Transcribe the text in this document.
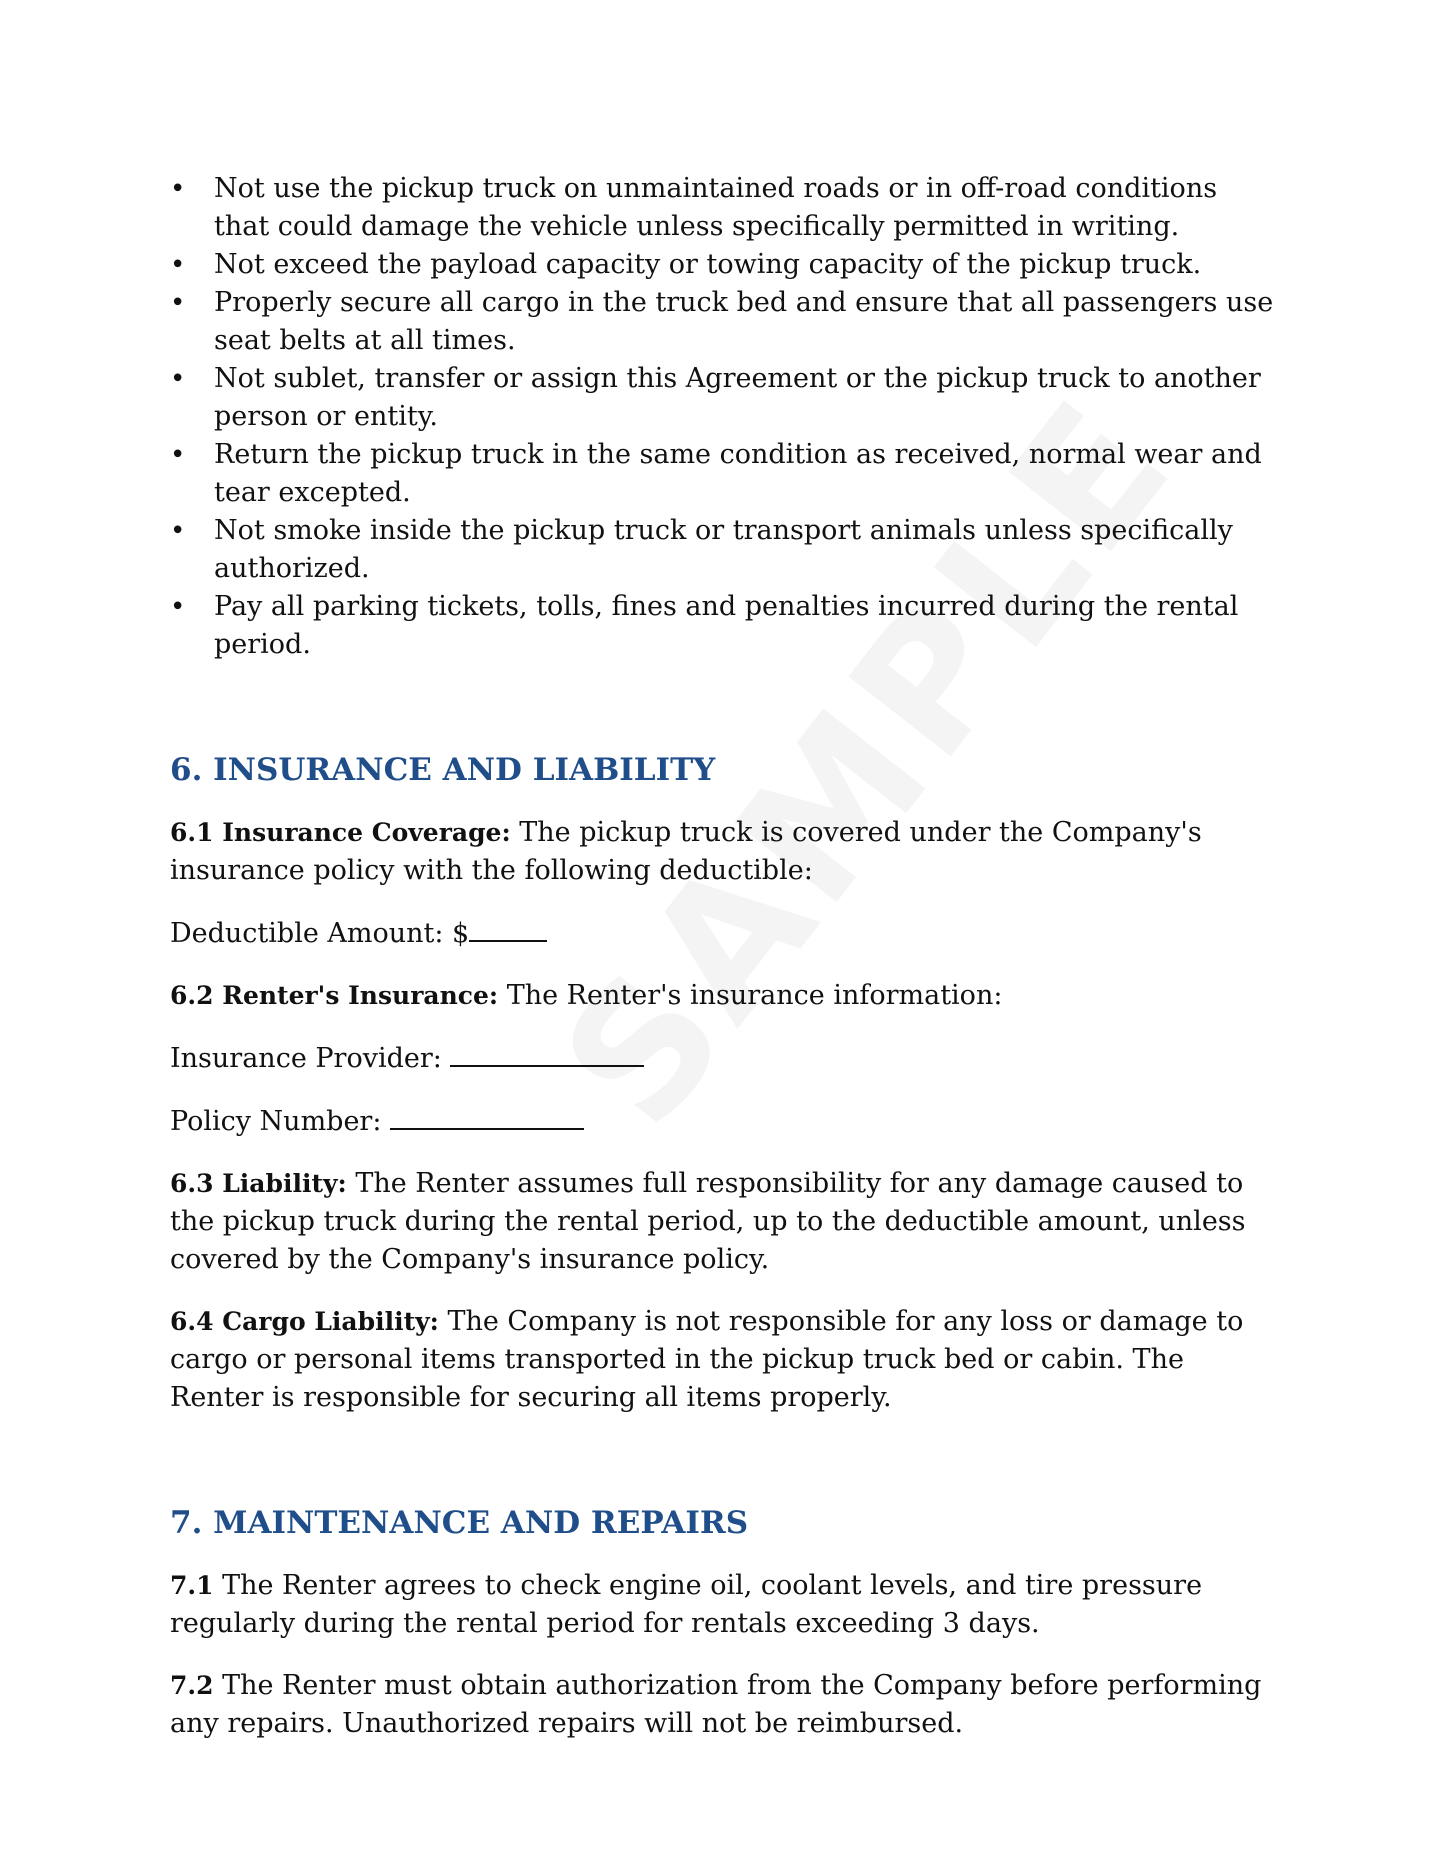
•	Not use the pickup truck on unmaintained roads or in off-road conditions that could damage the vehicle unless specifically permitted in writing.
•	Not exceed the payload capacity or towing capacity of the pickup truck.
•	Properly secure all cargo in the truck bed and ensure that all passengers use seat belts at all times.
•	Not sublet, transfer or assign this Agreement or the pickup truck to another person or entity.
•	Return the pickup truck in the same condition as received, normal wear and tear excepted.
•	Not smoke inside the pickup truck or transport animals unless specifically authorized.
•	Pay all parking tickets, tolls, fines and penalties incurred during the rental period.
6. INSURANCE AND LIABILITY

6.1 Insurance Coverage: The pickup truck is covered under the Company's insurance policy with the following deductible:

Deductible Amount: $

6.2 Renter's Insurance: The Renter's insurance information:

Insurance Provider:

Policy Number:

6.3 Liability: The Renter assumes full responsibility for any damage caused to the pickup truck during the rental period, up to the deductible amount, unless covered by the Company's insurance policy.

6.4 Cargo Liability: The Company is not responsible for any loss or damage to cargo or personal items transported in the pickup truck bed or cabin. The Renter is responsible for securing all items properly.

7. MAINTENANCE AND REPAIRS

7.1 The Renter agrees to check engine oil, coolant levels, and tire pressure regularly during the rental period for rentals exceeding 3 days.

7.2 The Renter must obtain authorization from the Company before performing any repairs. Unauthorized repairs will not be reimbursed.
